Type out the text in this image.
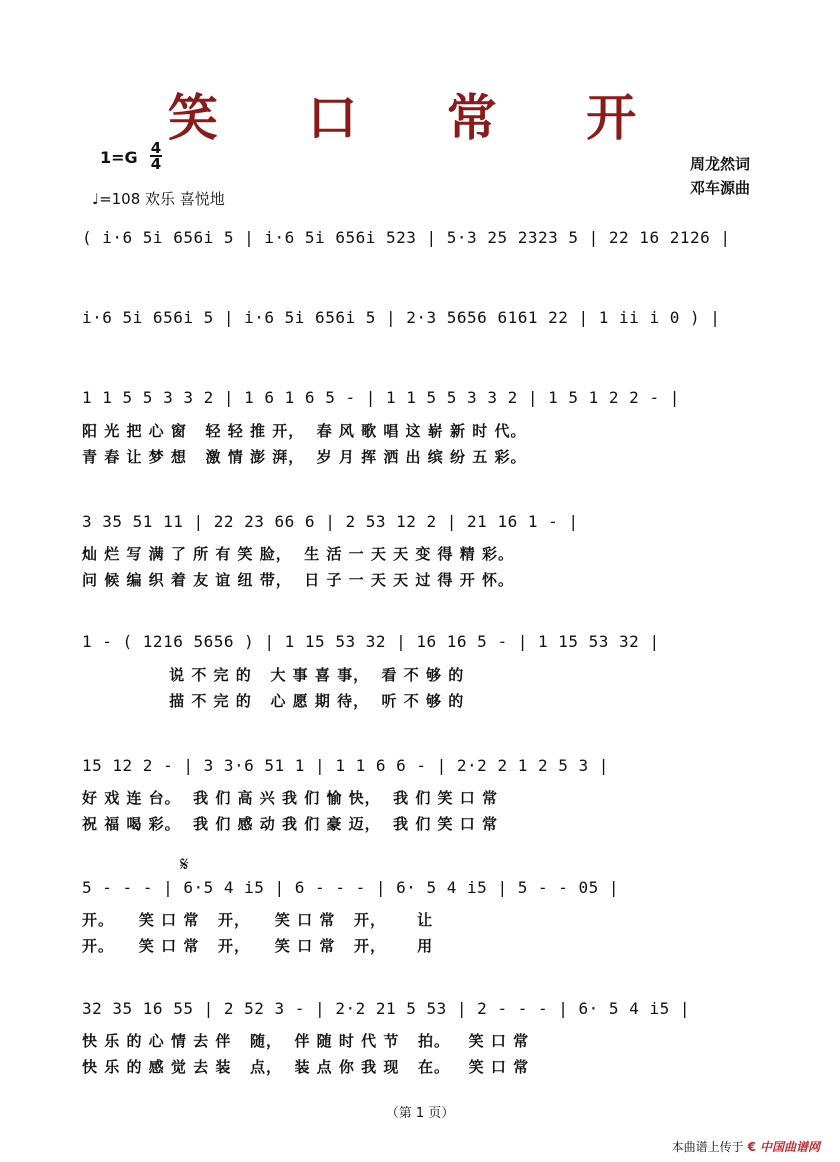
笑 口 常 开
1=G 4
4
♩=108 欢乐 喜悦地
周龙然词
邓车源曲
( i·6 5i 656i 5 | i·6 5i 656i 523 | 5·3 25 2323 5 | 22 16 2126 |
i·6 5i 656i 5 | i·6 5i 656i 5 | 2·3 5656 6161 22 | 1 ii i 0 ) |
1 1 5 5 3 3 2 | 1 6 1 6 5 - | 1 1 5 5 3 3 2 | 1 5 1 2 2 - |
阳 光 把 心 窗   轻 轻 推 开，  春 风 歌 唱 这 崭 新 时 代。
青 春 让 梦 想   激 情 澎 湃，  岁 月 挥 洒 出 缤 纷 五 彩。
3 35 51 11 | 22 23 66 6 | 2 53 12 2 | 21 16 1 - |
灿 烂 写 满 了 所 有 笑 脸，  生 活 一 天 天 变 得 精 彩。
问 候 编 织 着 友 谊 纽 带，  日 子 一 天 天 过 得 开 怀。
1 - ( 1216 5656 ) | 1 15 53 32 | 16 16 5 - | 1 15 53 32 |
说 不 完 的   大 事 喜 事，  看 不 够 的
描 不 完 的   心 愿 期 待，  听 不 够 的
15 12 2 - | 3 3·6 51 1 | 1 1 6 6 - | 2·2 2 1 2 5 3 |
好 戏 连 台。  我 们 高 兴 我 们 愉 快，  我 们 笑 口 常
祝 福 喝 彩。  我 们 感 动 我 们 豪 迈，  我 们 笑 口 常
𝄋
5 - - - | 6·5 4 i5 | 6 - - - | 6· 5 4 i5 | 5 - - 05 |
开。    笑 口 常   开，    笑 口 常   开，     让
开。    笑 口 常   开，    笑 口 常   开，     用
32 35 16 55 | 2 52 3 - | 2·2 21 5 53 | 2 - - - | 6· 5 4 i5 |
快 乐 的 心 情 去 伴   随，  伴 随 时 代 节   拍。   笑 口 常
快 乐 的 感 觉 去 装   点，  装 点 你 我 现   在。   笑 口 常
（第 1 页）
本曲谱上传于 € 中国曲谱网
